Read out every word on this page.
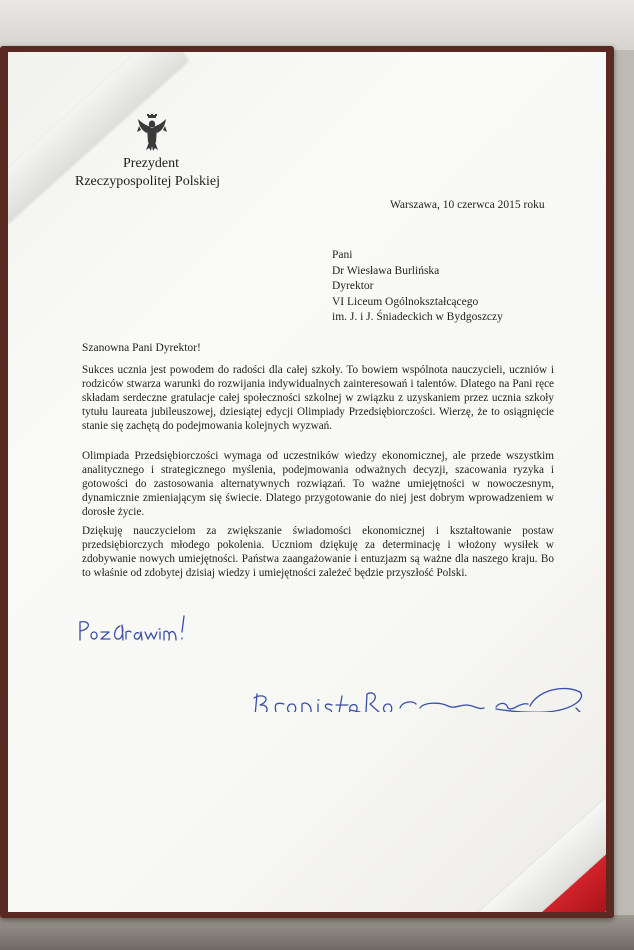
Prezydent
Rzeczypospolitej Polskiej
Warszawa, 10 czerwca 2015 roku
Pani
Dr Wiesława Burlińska
Dyrektor
VI Liceum Ogólnokształcącego
im. J. i J. Śniadeckich w Bydgoszczy
Szanowna Pani Dyrektor!
Sukces ucznia jest powodem do radości dla całej szkoły. To bowiem wspólnota nauczycieli, uczniów i rodziców stwarza warunki do rozwijania indywidualnych zainteresowań i talentów. Dlatego na Pani ręce składam serdeczne gratulacje całej społeczności szkolnej w związku z uzyskaniem przez ucznia szkoły tytułu laureata jubileuszowej, dziesiątej edycji Olimpiady Przedsiębiorczości. Wierzę, że to osiągnięcie stanie się zachętą do podejmowania kolejnych wyzwań.
Olimpiada Przedsiębiorczości wymaga od uczestników wiedzy ekonomicznej, ale przede wszystkim analitycznego i strategicznego myślenia, podejmowania odważnych decyzji, szacowania ryzyka i gotowości do zastosowania alternatywnych rozwiązań. To ważne umiejętności w nowoczesnym, dynamicznie zmieniającym się świecie. Dlatego przygotowanie do niej jest dobrym wprowadzeniem w dorosłe życie.
Dziękuję nauczycielom za zwiększanie świadomości ekonomicznej i kształtowanie postaw przedsiębiorczych młodego pokolenia. Uczniom dziękuję za determinację i włożony wysiłek w zdobywanie nowych umiejętności. Państwa zaangażowanie i entuzjazm są ważne dla naszego kraju. Bo to właśnie od zdobytej dzisiaj wiedzy i umiejętności zależeć będzie przyszłość Polski.
